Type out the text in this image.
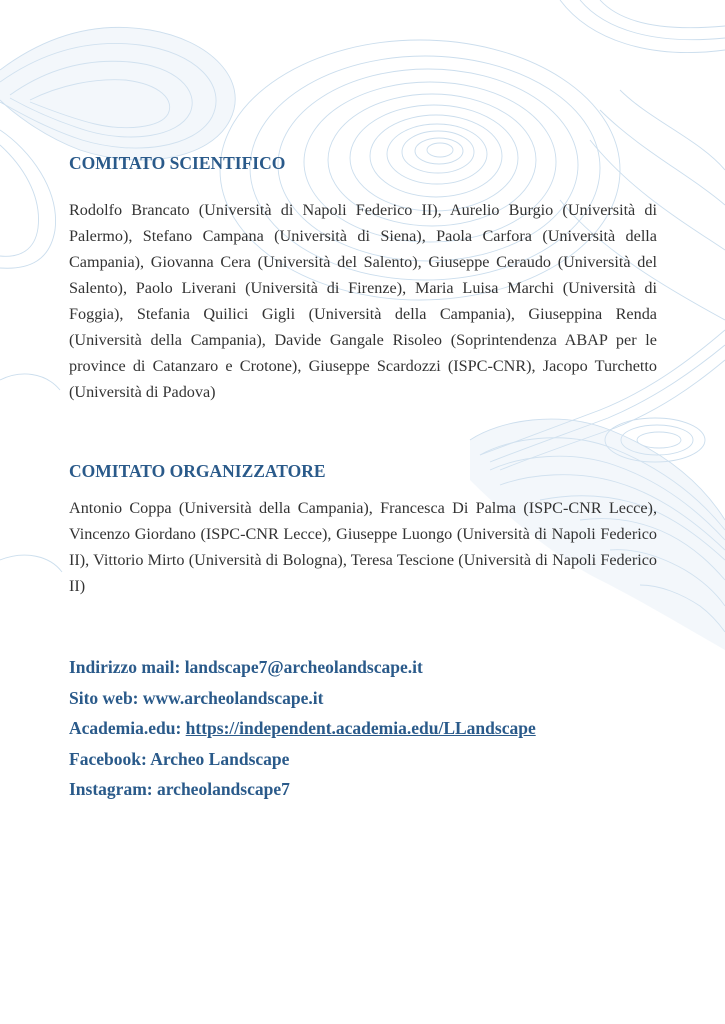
COMITATO SCIENTIFICO

Rodolfo Brancato (Università di Napoli Federico II), Aurelio Burgio (Università di Palermo), Stefano Campana (Università di Siena), Paola Carfora (Università della Campania), Giovanna Cera (Università del Salento), Giuseppe Ceraudo (Università del Salento), Paolo Liverani (Università di Firenze), Maria Luisa Marchi (Università di Foggia), Stefania Quilici Gigli (Università della Campania), Giuseppina Renda (Università della Campania), Davide Gangale Risoleo (Soprintendenza ABAP per le province di Catanzaro e Crotone), Giuseppe Scardozzi (ISPC-CNR), Jacopo Turchetto (Università di Padova)

COMITATO ORGANIZZATORE

Antonio Coppa (Università della Campania), Francesca Di Palma (ISPC-CNR Lecce), Vincenzo Giordano (ISPC-CNR Lecce), Giuseppe Luongo (Università di Napoli Federico II), Vittorio Mirto (Università di Bologna), Teresa Tescione (Università di Napoli Federico II)

Indirizzo mail: landscape7@archeolandscape.it
Sito web: www.archeolandscape.it
Academia.edu: https://independent.academia.edu/LLandscape
Facebook: Archeo Landscape
Instagram: archeolandscape7
